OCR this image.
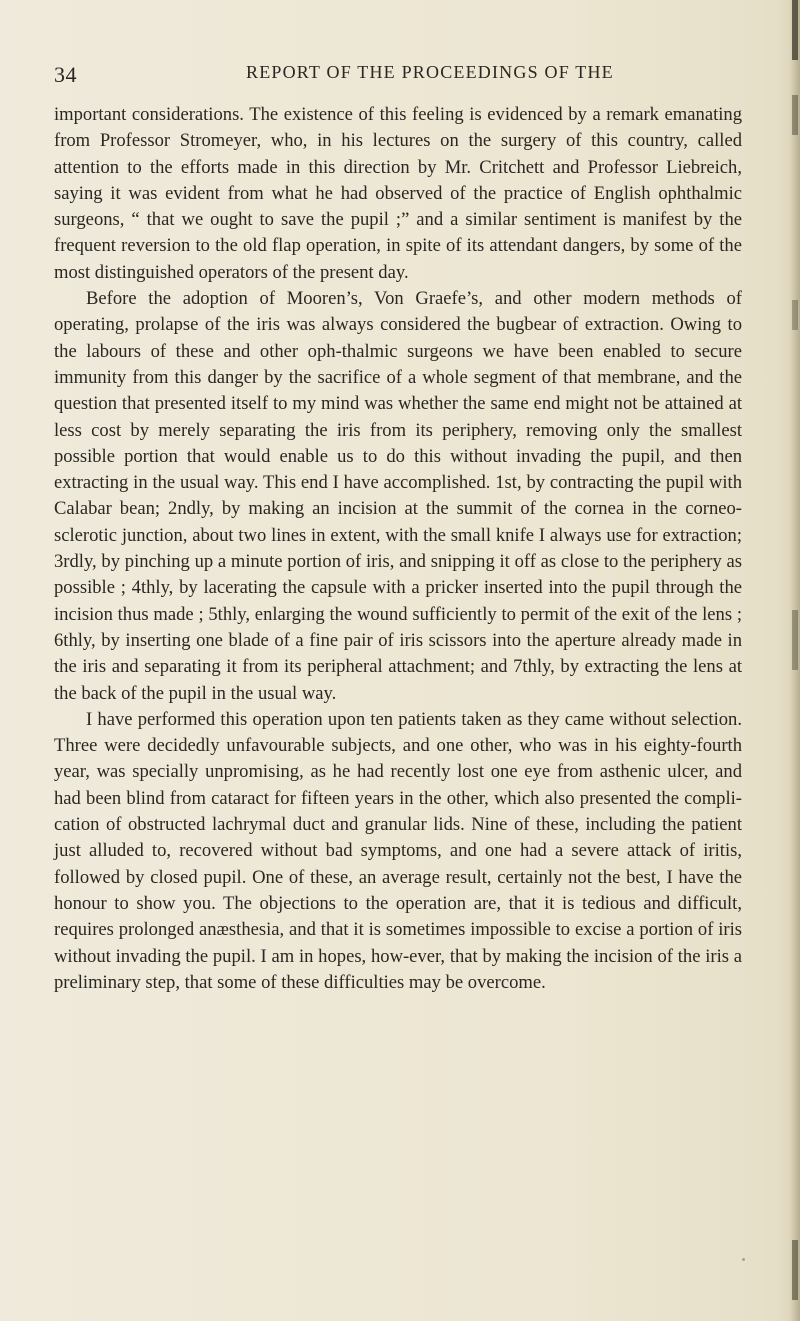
34	REPORT OF THE PROCEEDINGS OF THE

important considerations. The existence of this feeling is evidenced by a remark emanating from Professor Stromeyer, who, in his lectures on the surgery of this country, called attention to the efforts made in this direction by Mr. Critchett and Professor Liebreich, saying it was evident from what he had observed of the practice of English ophthalmic surgeons, “ that we ought to save the pupil ;” and a similar sentiment is manifest by the frequent reversion to the old flap operation, in spite of its attendant dangers, by some of the most distinguished operators of the present day.

Before the adoption of Mooren’s, Von Graefe’s, and other modern methods of operating, prolapse of the iris was always considered the bugbear of extraction. Owing to the labours of these and other oph-thalmic surgeons we have been enabled to secure immunity from this danger by the sacrifice of a whole segment of that membrane, and the question that presented itself to my mind was whether the same end might not be attained at less cost by merely separating the iris from its periphery, removing only the smallest possible portion that would enable us to do this without invading the pupil, and then extracting in the usual way. This end I have accomplished. 1st, by contracting the pupil with Calabar bean; 2ndly, by making an incision at the summit of the cornea in the corneo-sclerotic junction, about two lines in extent, with the small knife I always use for extraction; 3rdly, by pinching up a minute portion of iris, and snipping it off as close to the periphery as possible ; 4thly, by lacerating the capsule with a pricker inserted into the pupil through the incision thus made ; 5thly, enlarging the wound sufficiently to permit of the exit of the lens ; 6thly, by inserting one blade of a fine pair of iris scissors into the aperture already made in the iris and separating it from its peripheral attachment; and 7thly, by extracting the lens at the back of the pupil in the usual way.

I have performed this operation upon ten patients taken as they came without selection. Three were decidedly unfavourable subjects, and one other, who was in his eighty-fourth year, was specially unpromising, as he had recently lost one eye from asthenic ulcer, and had been blind from cataract for fifteen years in the other, which also presented the compli-cation of obstructed lachrymal duct and granular lids. Nine of these, including the patient just alluded to, recovered without bad symptoms, and one had a severe attack of iritis, followed by closed pupil. One of these, an average result, certainly not the best, I have the honour to show you. The objections to the operation are, that it is tedious and difficult, requires prolonged anæsthesia, and that it is sometimes impossible to excise a portion of iris without invading the pupil. I am in hopes, how-ever, that by making the incision of the iris a preliminary step, that some of these difficulties may be overcome.
